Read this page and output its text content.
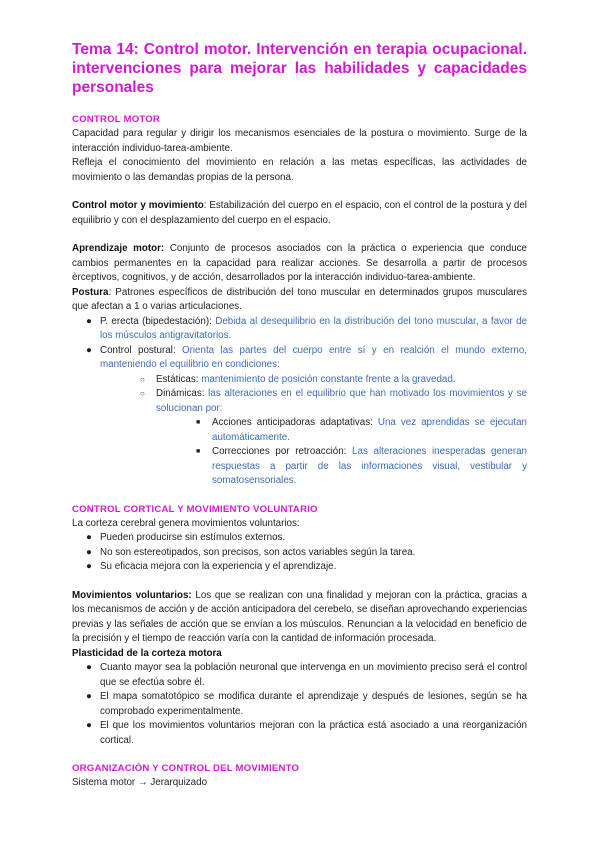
Tema 14: Control motor. Intervención en terapia ocupacional. intervenciones para mejorar las habilidades y capacidades personales
CONTROL MOTOR

Capacidad para regular y dirigir los mecanismos esenciales de la postura o movimiento. Surge de la interacción individuo-tarea-ambiente.

Refleja el conocimiento del movimiento en relación a las metas específicas, las actividades de movimiento o las demandas propias de la persona.

Control motor y movimiento: Estabilización del cuerpo en el espacio, con el control de la postura y del equilibrio y con el desplazamiento del cuerpo en el espacio.

Aprendizaje motor: Conjunto de procesos asociados con la práctica o experiencia que conduce cambios permanentes en la capacidad para realizar acciones. Se desarrolla a partir de procesos èrceptivos, cognitivos, y de acción, desarrollados por la interacción individuo-tarea-ambiente.

Postura: Patrones específicos de distribución del tono muscular en determinados grupos musculares que afectan a 1 o varias articulaciones.

● P. erecta (bipedestación): Debida al desequilibrio en la distribución del tono muscular, a favor de los músculos antigravitatorios.
● Control postural: Orienta las partes del cuerpo entre sí y en realción el mundo externo, manteniendo el equilibrio en condiciones:
○ Estáticas: mantenimiento de posición constante frente a la gravedad.
○ Dinámicas: las alteraciones en el equilibrio que han motivado los movimientos y se solucionan por:
■ Acciones anticipadoras adaptativas: Una vez aprendidas se ejecutan automáticamente.
■ Correcciones por retroacción: Las alteraciones inesperadas generan respuestas a partir de las informaciones visual, vestibular y somatosensoriales.
CONTROL CORTICAL Y MOVIMIENTO VOLUNTARIO

La corteza cerebral genera movimientos voluntarios:

● Pueden producirse sin estímulos externos.
● No son estereotipados, son precisos, son actos variables según la tarea.
● Su eficacia mejora con la experiencia y el aprendizaje.

Movimientos voluntarios: Los que se realizan con una finalidad y mejoran con la práctica, gracias a los mecanismos de acción y de acción anticipadora del cerebelo, se diseñan aprovechando experiencias previas y las señales de acción que se envían a los músculos. Renuncian a la velocidad en beneficio de la precisión y el tiempo de reacción varía con la cantidad de información procesada.

Plasticidad de la corteza motora

● Cuanto mayor sea la población neuronal que intervenga en un movimiento preciso será el control que se efectúa sobre él.
● El mapa somatotópico se modifica durante el aprendizaje y después de lesiones, según se ha comprobado experimentalmente.
● El que los movimientos voluntarios mejoran con la práctica está asociado a una reorganización cortical.
ORGANIZACIÓN Y CONTROL DEL MOVIMIENTO

Sistema motor → Jerarquizado
